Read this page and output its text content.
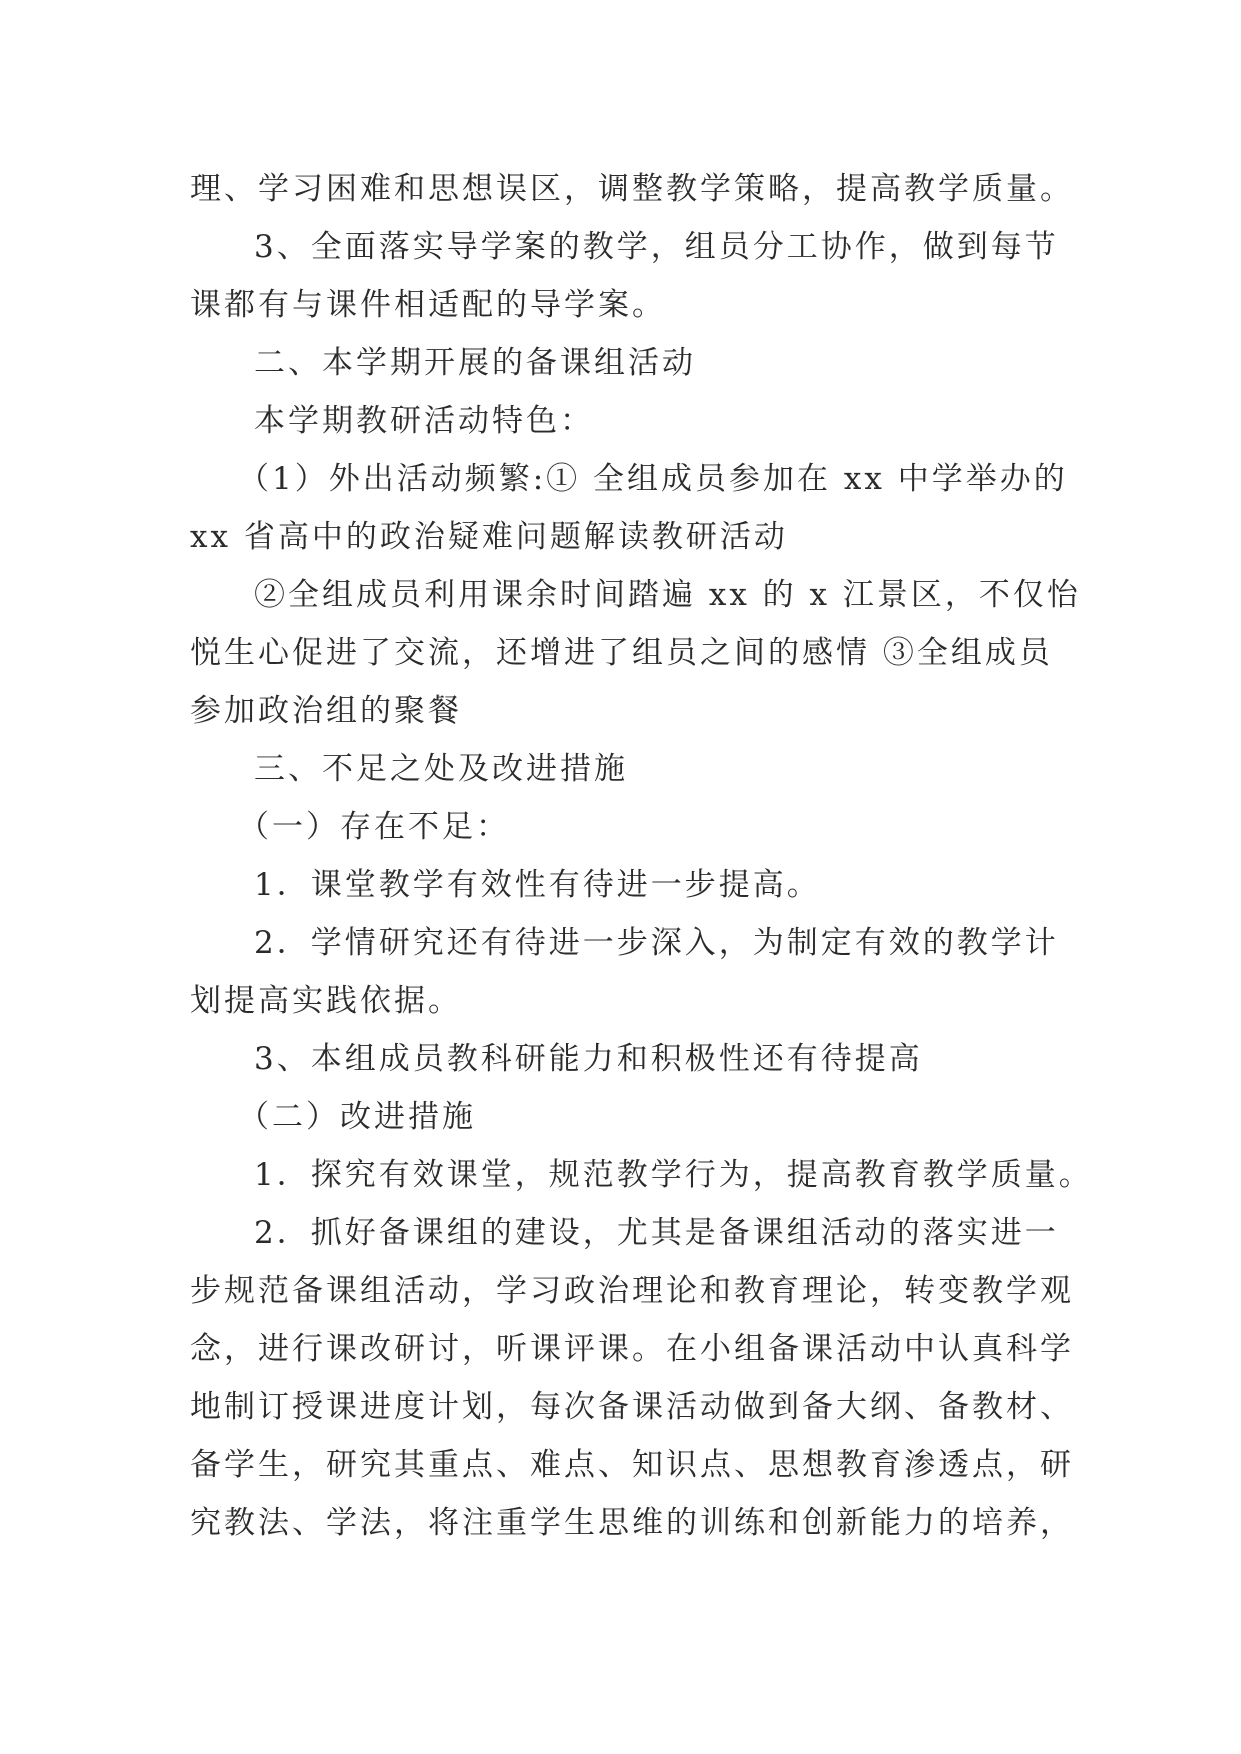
理、学习困难和思想误区，调整教学策略，提高教学质量。
3、全面落实导学案的教学，组员分工协作，做到每节
课都有与课件相适配的导学案。
二、本学期开展的备课组活动
本学期教研活动特色：
（1）外出活动频繁:① 全组成员参加在 xx 中学举办的
xx 省高中的政治疑难问题解读教研活动
②全组成员利用课余时间踏遍 xx 的 x 江景区，不仅怡
悦生心促进了交流，还增进了组员之间的感情 ③全组成员
参加政治组的聚餐
三、不足之处及改进措施
（一）存在不足：
1．课堂教学有效性有待进一步提高。
2．学情研究还有待进一步深入，为制定有效的教学计
划提高实践依据。
3、本组成员教科研能力和积极性还有待提高
（二）改进措施
1．探究有效课堂，规范教学行为，提高教育教学质量。
2．抓好备课组的建设，尤其是备课组活动的落实进一
步规范备课组活动，学习政治理论和教育理论，转变教学观
念，进行课改研讨，听课评课。在小组备课活动中认真科学
地制订授课进度计划，每次备课活动做到备大纲、备教材、
备学生，研究其重点、难点、知识点、思想教育渗透点，研
究教法、学法，将注重学生思维的训练和创新能力的培养，
